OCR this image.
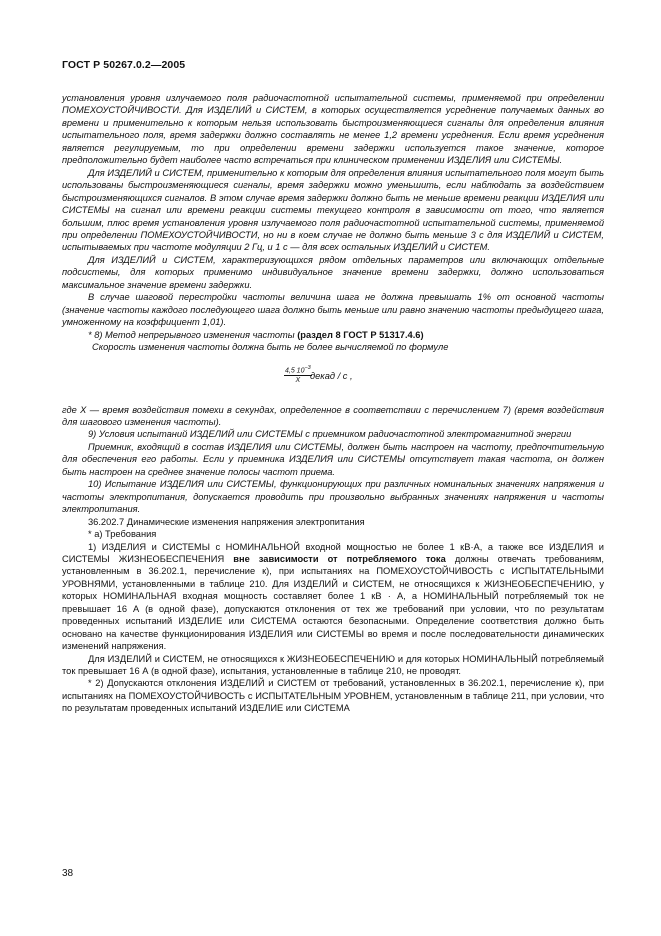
ГОСТ Р 50267.0.2—2005

установления уровня излучаемого поля радиочастотной испытательной системы, применяемой при определении ПОМЕХОУСТОЙЧИВОСТИ. Для ИЗДЕЛИЙ и СИСТЕМ, в которых осуществляется усреднение получаемых данных во времени и применительно к которым нельзя использовать быстроизменяющиеся сигналы для определения влияния испытательного поля, время задержки должно составлять не менее 1,2 времени усреднения. Если время усреднения является регулируемым, то при определении времени задержки используется такое значение, которое предположительно будет наиболее часто встречаться при клиническом применении ИЗДЕЛИЯ или СИСТЕМЫ.

Для ИЗДЕЛИЙ и СИСТЕМ, применительно к которым для определения влияния испытательного поля могут быть использованы быстроизменяющиеся сигналы, время задержки можно уменьшить, если наблюдать за воздействием быстроизменяющихся сигналов. В этом случае время задержки должно быть не меньше времени реакции ИЗДЕЛИЯ или СИСТЕМЫ на сигнал или времени реакции системы текущего контроля в зависимости от того, что является большим, плюс время установления уровня излучаемого поля радиочастотной испытательной системы, применяемой при определении ПОМЕХОУСТОЙЧИВОСТИ, но ни в коем случае не должно быть меньше 3 с для ИЗДЕЛИЙ и СИСТЕМ, испытываемых при частоте модуляции 2 Гц, и 1 с — для всех остальных ИЗДЕЛИЙ и СИСТЕМ.

Для ИЗДЕЛИЙ и СИСТЕМ, характеризующихся рядом отдельных параметров или включающих отдельные подсистемы, для которых применимо индивидуальное значение времени задержки, должно использоваться максимальное значение времени задержки.

В случае шаговой перестройки частоты величина шага не должна превышать 1% от основной частоты (значение частоты каждого последующего шага должно быть меньше или равно значению частоты предыдущего шага, умноженному на коэффициент 1,01).

* 8) Метод непрерывного изменения частоты (раздел 8 ГОСТ Р 51317.4.6)

Скорость изменения частоты должна быть не более вычисляемой по формуле

$\frac{4,5 10^{-3}}{X}$
декад / с ,

где X — время воздействия помехи в секундах, определенное в соответствии с перечислением 7) (время воздействия для шагового изменения частоты).

9) Условия испытаний ИЗДЕЛИЙ или СИСТЕМЫ с приемником радиочастотной электромагнитной энергии

Приемник, входящий в состав ИЗДЕЛИЯ или СИСТЕМЫ, должен быть настроен на частоту, предпочтительную для обеспечения его работы. Если у приемника ИЗДЕЛИЯ или СИСТЕМЫ отсутствует такая частота, он должен быть настроен на среднее значение полосы частот приема.

10) Испытание ИЗДЕЛИЯ или СИСТЕМЫ, функционирующих при различных номинальных значениях напряжения и частоты электропитания, допускается проводить при произвольно выбранных значениях напряжения и частоты электропитания.

36.202.7 Динамические изменения напряжения электропитания

* а) Требования

1) ИЗДЕЛИЯ и СИСТЕМЫ с НОМИНАЛЬНОЙ входной мощностью не более 1 кВ·А, а также все ИЗДЕЛИЯ и СИСТЕМЫ ЖИЗНЕОБЕСПЕЧЕНИЯ вне зависимости от потребляемого тока должны отвечать требованиям, установленным в 36.202.1, перечисление к), при испытаниях на ПОМЕХОУСТОЙЧИВОСТЬ с ИСПЫТАТЕЛЬНЫМИ УРОВНЯМИ, установленными в таблице 210. Для ИЗДЕЛИЙ и СИСТЕМ, не относящихся к ЖИЗНЕОБЕСПЕЧЕНИЮ, у которых НОМИНАЛЬНАЯ входная мощность составляет более 1 кВ · А, а НОМИНАЛЬНЫЙ потребляемый ток не превышает 16 А (в одной фазе), допускаются отклонения от тех же требований при условии, что по результатам проведенных испытаний ИЗДЕЛИЕ или СИСТЕМА остаются безопасными. Определение соответствия должно быть основано на качестве функционирования ИЗДЕЛИЯ или СИСТЕМЫ во время и после последовательности динамических изменений напряжения.

Для ИЗДЕЛИЙ и СИСТЕМ, не относящихся к ЖИЗНЕОБЕСПЕЧЕНИЮ и для которых НОМИНАЛЬНЫЙ потребляемый ток превышает 16 А (в одной фазе), испытания, установленные в таблице 210, не проводят.

* 2) Допускаются отклонения ИЗДЕЛИЙ и СИСТЕМ от требований, установленных в 36.202.1, перечисление к), при испытаниях на ПОМЕХОУСТОЙЧИВОСТЬ с ИСПЫТАТЕЛЬНЫМ УРОВНЕМ, установленным в таблице 211, при условии, что по результатам проведенных испытаний ИЗДЕЛИЕ или СИСТЕМА

38
